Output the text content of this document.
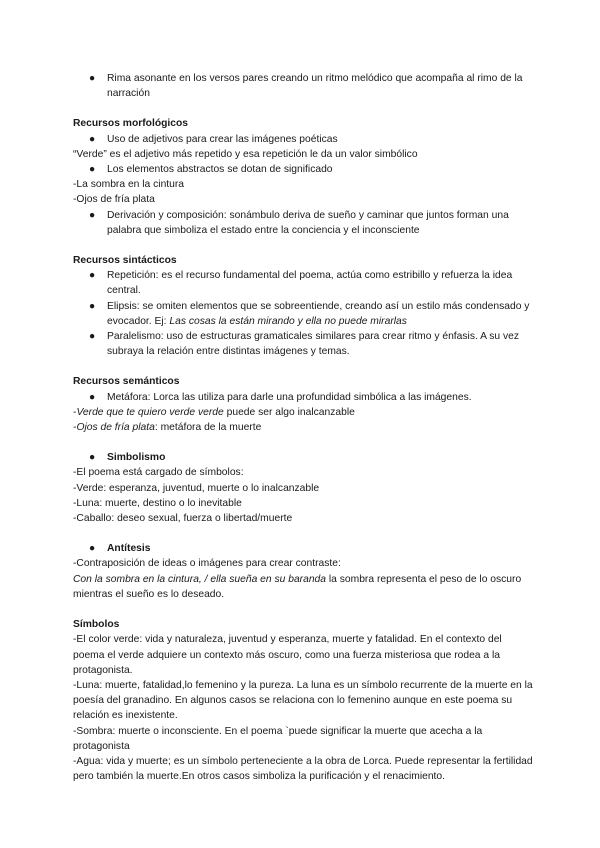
● Rima asonante en los versos pares creando un ritmo melódico que acompaña al rimo de la narración

Recursos morfológicos

● Uso de adjetivos para crear las imágenes poéticas

“Verde” es el adjetivo más repetido y esa repetición le da un valor simbólico

● Los elementos abstractos se dotan de significado

-La sombra en la cintura

-Ojos de fría plata

● Derivación y composición: sonámbulo deriva de sueño y caminar que juntos forman una palabra que simboliza el estado entre la conciencia y el inconsciente

Recursos sintácticos

● Repetición: es el recurso fundamental del poema, actúa como estribillo y refuerza la idea central.
● Elipsis: se omiten elementos que se sobreentiende, creando así un estilo más condensado y evocador. Ej: Las cosas la están mirando y ella no puede mirarlas
● Paralelismo: uso de estructuras gramaticales similares para crear ritmo y énfasis. A su vez subraya la relación entre distintas imágenes y temas.

Recursos semánticos

● Metáfora: Lorca las utiliza para darle una profundidad simbólica a las imágenes.

-Verde que te quiero verde verde puede ser algo inalcanzable

-Ojos de fría plata: metáfora de la muerte

● Simbolismo

-El poema está cargado de símbolos:

-Verde: esperanza, juventud, muerte o lo inalcanzable

-Luna: muerte, destino o lo inevitable

-Caballo: deseo sexual, fuerza o libertad/muerte

● Antítesis

-Contraposición de ideas o imágenes para crear contraste:

Con la sombra en la cintura, / ella sueña en su baranda la sombra representa el peso de lo oscuro mientras el sueño es lo deseado.

Símbolos

-El color verde: vida y naturaleza, juventud y esperanza, muerte y fatalidad. En el contexto del poema el verde adquiere un contexto más oscuro, como una fuerza misteriosa que rodea a la protagonista.

-Luna: muerte, fatalidad,lo femenino y la pureza. La luna es un símbolo recurrente de la muerte en la poesía del granadino. En algunos casos se relaciona con lo femenino aunque en este poema su relación es inexistente.

-Sombra: muerte o inconsciente. En el poema `puede significar la muerte que acecha a la protagonista

-Agua: vida y muerte; es un símbolo perteneciente a la obra de Lorca. Puede representar la fertilidad pero también la muerte.En otros casos simboliza la purificación y el renacimiento.
